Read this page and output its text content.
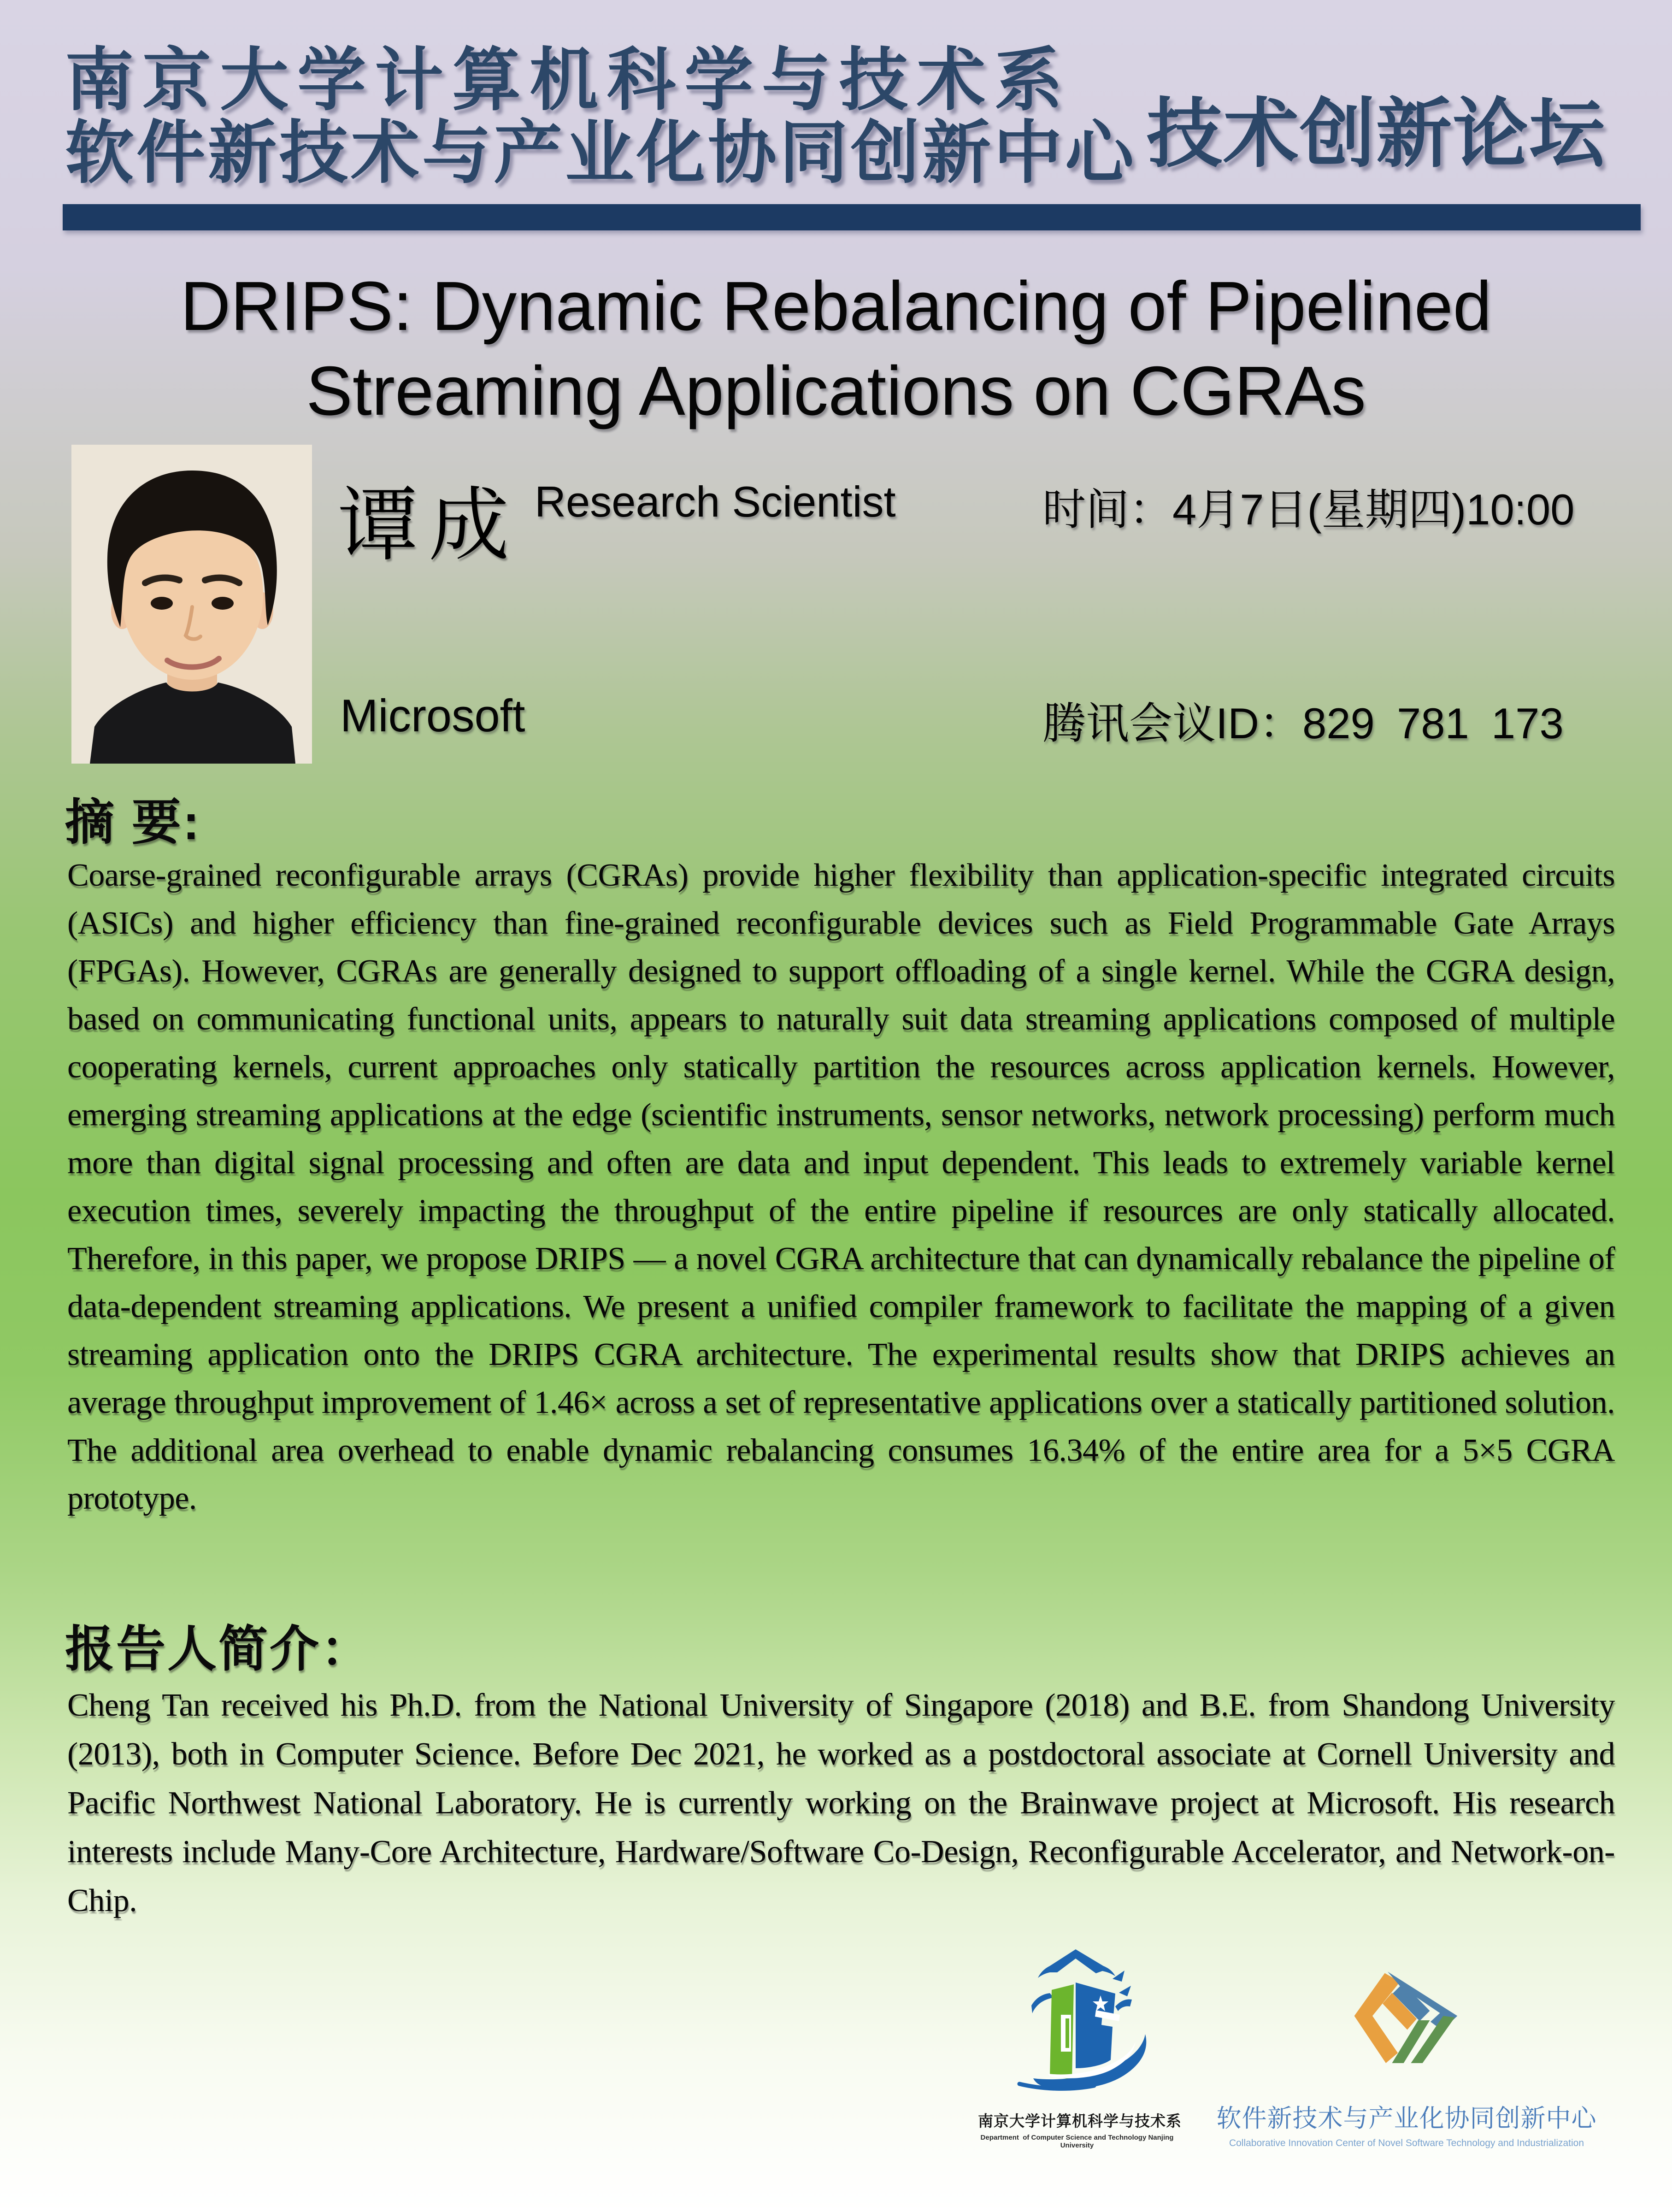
南京大学计算机科学与技术系
软件新技术与产业化协同创新中心 技术创新论坛
DRIPS: Dynamic Rebalancing of Pipelined
Streaming Applications on CGRAs
谭成 Research Scientist	时间：4月7日(星期四)10:00
Microsoft	腾讯会议ID：829 781 173
摘 要:
Coarse-grained reconfigurable arrays (CGRAs) provide higher flexibility than application-specific integrated circuits (ASICs) and higher efficiency than fine-grained reconfigurable devices such as Field Programmable Gate Arrays (FPGAs). However, CGRAs are generally designed to support offloading of a single kernel. While the CGRA design, based on communicating functional units, appears to naturally suit data streaming applications composed of multiple cooperating kernels, current approaches only statically partition the resources across application kernels. However, emerging streaming applications at the edge (scientific instruments, sensor networks, network processing) perform much more than digital signal processing and often are data and input dependent. This leads to extremely variable kernel execution times, severely impacting the throughput of the entire pipeline if resources are only statically allocated. Therefore, in this paper, we propose DRIPS — a novel CGRA architecture that can dynamically rebalance the pipeline of data-dependent streaming applications. We present a unified compiler framework to facilitate the mapping of a given streaming application onto the DRIPS CGRA architecture. The experimental results show that DRIPS achieves an average throughput improvement of 1.46× across a set of representative applications over a statically partitioned solution. The additional area overhead to enable dynamic rebalancing consumes 16.34% of the entire area for a 5×5 CGRA prototype.
报告人简介：
Cheng Tan received his Ph.D. from the National University of Singapore (2018) and B.E. from Shandong University (2013), both in Computer Science. Before Dec 2021, he worked as a postdoctoral associate at Cornell University and Pacific Northwest National Laboratory. He is currently working on the Brainwave project at Microsoft. His research interests include Many-Core Architecture, Hardware/Software Co-Design, Reconfigurable Accelerator, and Network-on-Chip.
南京大学计算机科学与技术系
Department  of Computer Science and Technology Nanjing University
软件新技术与产业化协同创新中心
Collaborative Innovation Center of Novel Software Technology and Industrialization
